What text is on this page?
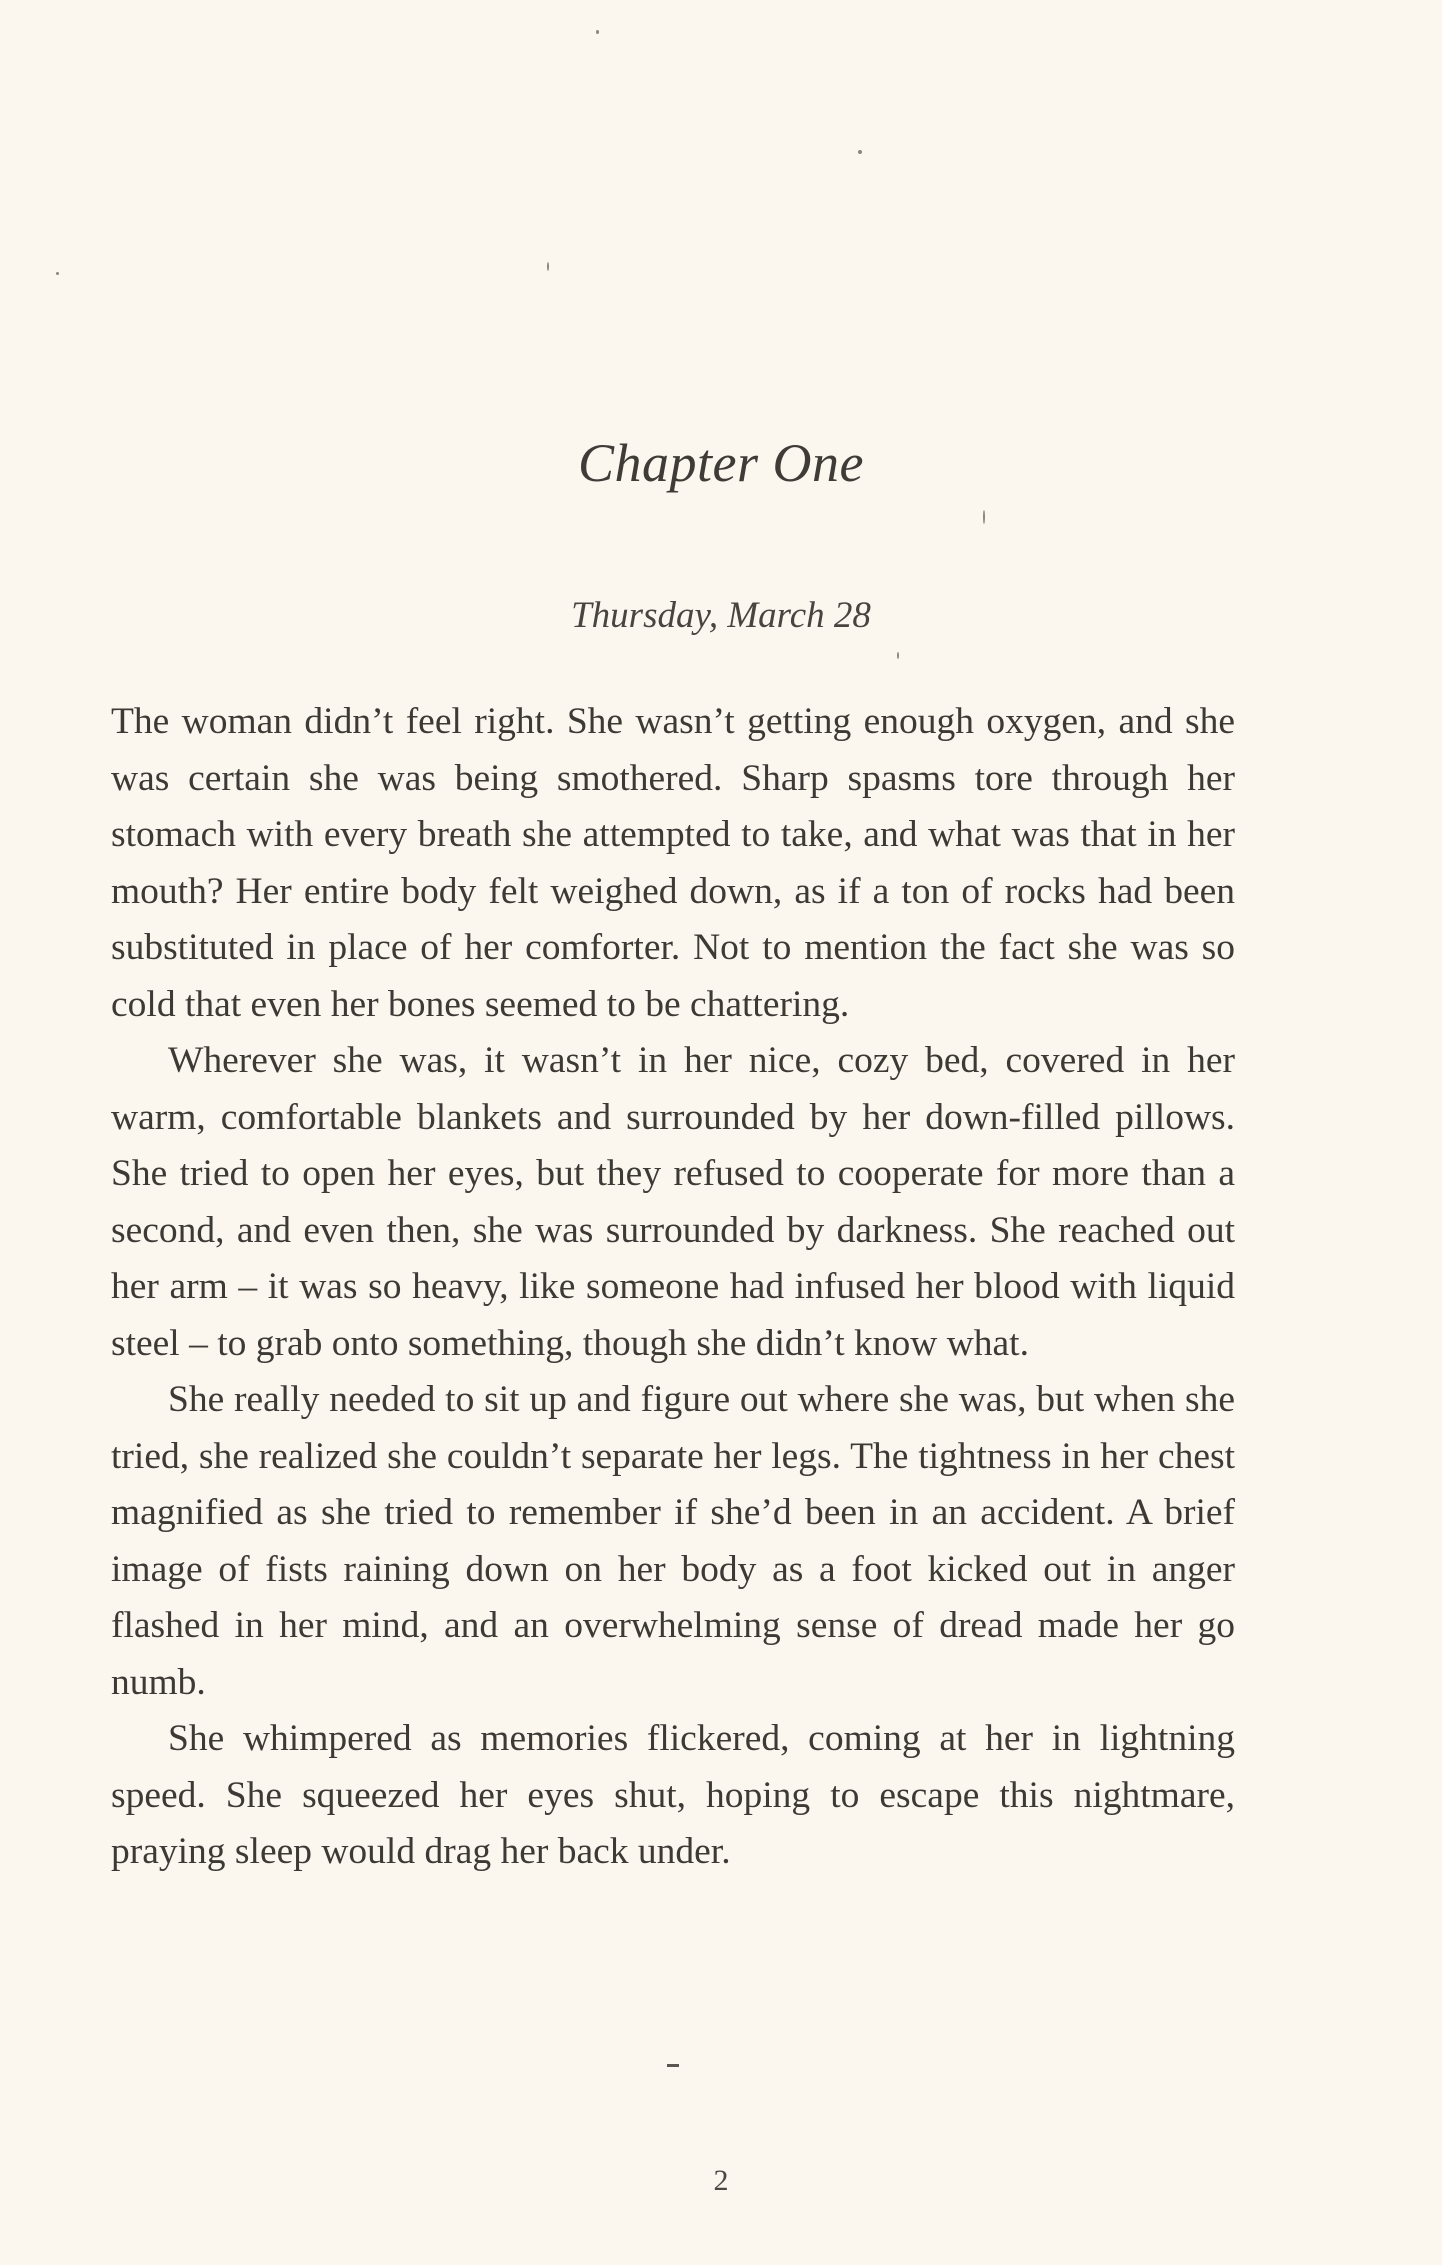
Chapter One
Thursday, March 28

The woman didn’t feel right. She wasn’t getting enough oxygen, and she was certain she was being smothered. Sharp spasms tore through her stomach with every breath she attempted to take, and what was that in her mouth? Her entire body felt weighed down, as if a ton of rocks had been substituted in place of her comforter. Not to mention the fact she was so cold that even her bones seemed to be chattering.

Wherever she was, it wasn’t in her nice, cozy bed, covered in her warm, comfortable blankets and surrounded by her down-filled pillows. She tried to open her eyes, but they refused to cooperate for more than a second, and even then, she was surrounded by darkness. She reached out her arm – it was so heavy, like someone had infused her blood with liquid steel – to grab onto something, though she didn’t know what.

She really needed to sit up and figure out where she was, but when she tried, she realized she couldn’t separate her legs. The tightness in her chest magnified as she tried to remember if she’d been in an accident. A brief image of fists raining down on her body as a foot kicked out in anger flashed in her mind, and an overwhelming sense of dread made her go numb.

She whimpered as memories flickered, coming at her in lightning speed. She squeezed her eyes shut, hoping to escape this nightmare, praying sleep would drag her back under.

2
